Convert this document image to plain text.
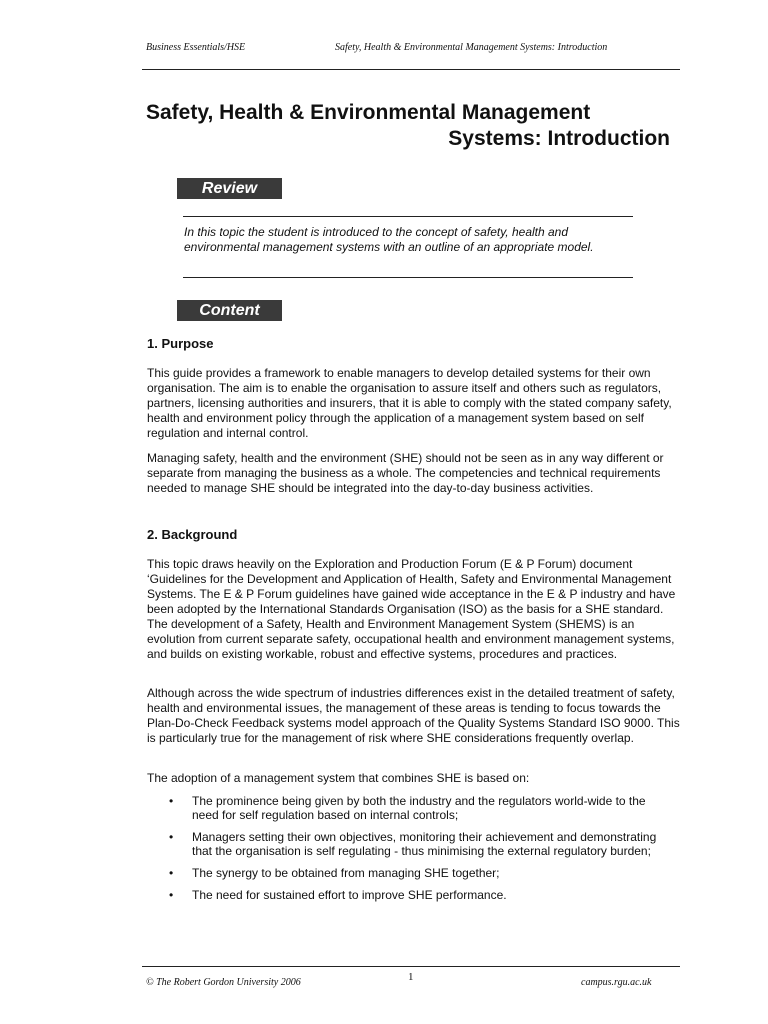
Business Essentials/HSE	Safety, Health & Environmental Management Systems: Introduction
Safety, Health & Environmental Management
Systems: Introduction
Review

In this topic the student is introduced to the concept of safety, health and environmental management systems with an outline of an appropriate model.

Content
1. Purpose

This guide provides a framework to enable managers to develop detailed systems for their own organisation. The aim is to enable the organisation to assure itself and others such as regulators, partners, licensing authorities and insurers, that it is able to comply with the stated company safety, health and environment policy through the application of a management system based on self regulation and internal control.

Managing safety, health and the environment (SHE) should not be seen as in any way different or separate from managing the business as a whole. The competencies and technical requirements needed to manage SHE should be integrated into the day-to-day business activities.

2. Background

This topic draws heavily on the Exploration and Production Forum (E & P Forum) document ‘Guidelines for the Development and Application of Health, Safety and Environmental Management Systems. The E & P Forum guidelines have gained wide acceptance in the E & P industry and have been adopted by the International Standards Organisation (ISO) as the basis for a SHE standard. The development of a Safety, Health and Environment Management System (SHEMS) is an evolution from current separate safety, occupational health and environment management systems, and builds on existing workable, robust and effective systems, procedures and practices.

Although across the wide spectrum of industries differences exist in the detailed treatment of safety, health and environmental issues, the management of these areas is tending to focus towards the Plan-Do-Check Feedback systems model approach of the Quality Systems Standard ISO 9000. This is particularly true for the management of risk where SHE considerations frequently overlap.

The adoption of a management system that combines SHE is based on:

• The prominence being given by both the industry and the regulators world-wide to the need for self regulation based on internal controls;
• Managers setting their own objectives, monitoring their achievement and demonstrating that the organisation is self regulating - thus minimising the external regulatory burden;
• The synergy to be obtained from managing SHE together;
• The need for sustained effort to improve SHE performance.
© The Robert Gordon University 2006	1	campus.rgu.ac.uk
